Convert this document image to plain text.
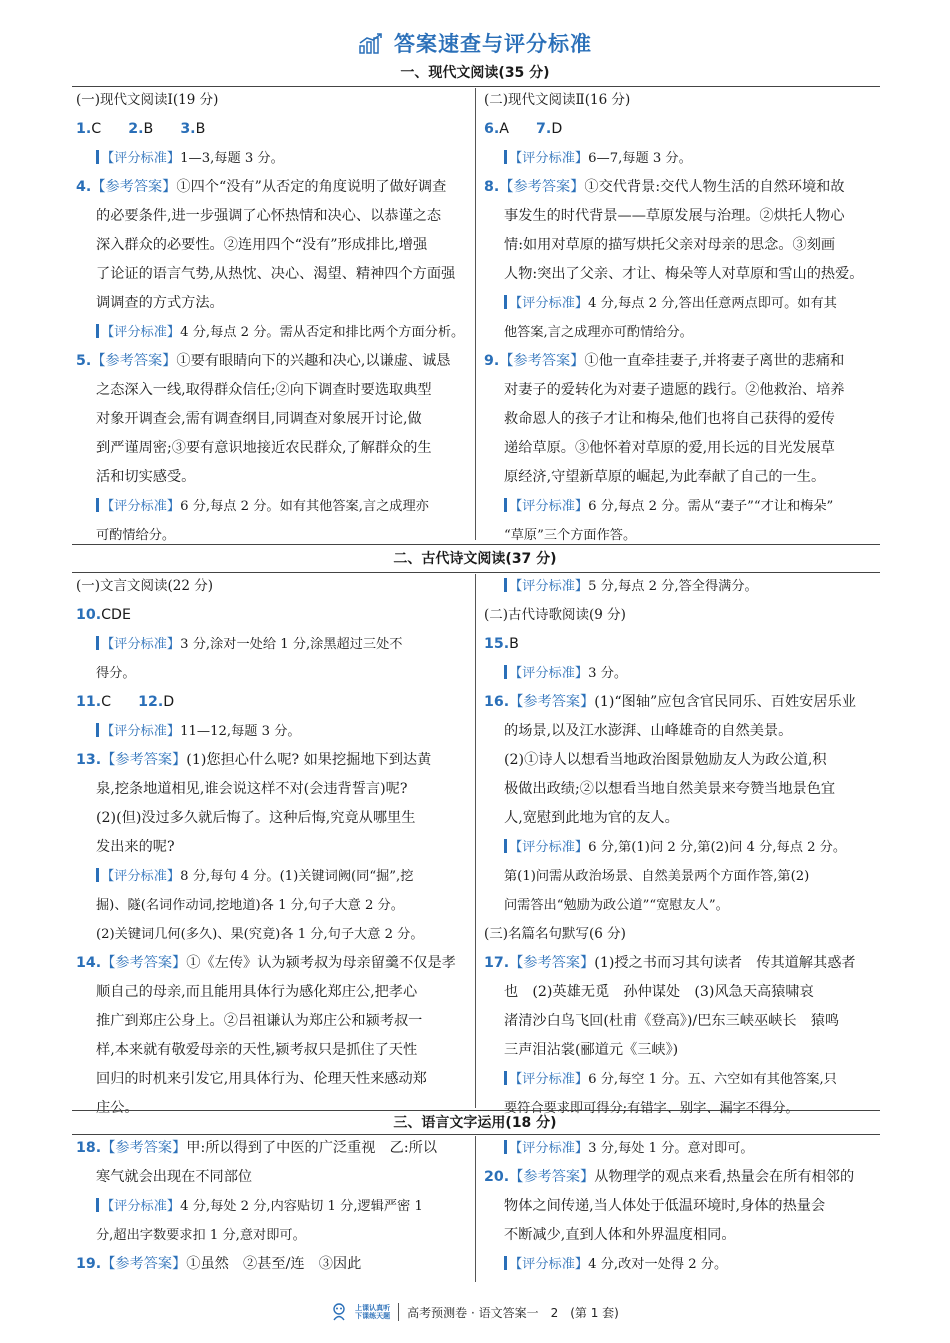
答案速查与评分标准
一、现代文阅读(35 分)

(一)现代文阅读Ⅰ(19 分)

1.C 2.B 3.B

【评分标准】1—3,每题 3 分。

4.【参考答案】①四个“没有”从否定的角度说明了做好调查

的必要条件,进一步强调了心怀热情和决心、以恭谨之态

深入群众的必要性。②连用四个“没有”形成排比,增强

了论证的语言气势,从热忱、决心、渴望、精神四个方面强

调调查的方式方法。

【评分标准】4 分,每点 2 分。需从否定和排比两个方面分析。

5.【参考答案】①要有眼睛向下的兴趣和决心,以谦虚、诚恳

之态深入一线,取得群众信任;②向下调查时要选取典型

对象开调查会,需有调查纲目,同调查对象展开讨论,做

到严谨周密;③要有意识地接近农民群众,了解群众的生

活和切实感受。

【评分标准】6 分,每点 2 分。如有其他答案,言之成理亦

可酌情给分。

(二)现代文阅读Ⅱ(16 分)

6.A 7.D

【评分标准】6—7,每题 3 分。

8.【参考答案】①交代背景:交代人物生活的自然环境和故

事发生的时代背景——草原发展与治理。②烘托人物心

情:如用对草原的描写烘托父亲对母亲的思念。③刻画

人物:突出了父亲、才让、梅朵等人对草原和雪山的热爱。

【评分标准】4 分,每点 2 分,答出任意两点即可。如有其

他答案,言之成理亦可酌情给分。

9.【参考答案】①他一直牵挂妻子,并将妻子离世的悲痛和

对妻子的爱转化为对妻子遗愿的践行。②他救治、培养

救命恩人的孩子才让和梅朵,他们也将自己获得的爱传

递给草原。③他怀着对草原的爱,用长远的目光发展草

原经济,守望新草原的崛起,为此奉献了自己的一生。

【评分标准】6 分,每点 2 分。需从“妻子”“才让和梅朵”

“草原”三个方面作答。

二、古代诗文阅读(37 分)

(一)文言文阅读(22 分)

10.CDE

【评分标准】3 分,涂对一处给 1 分,涂黑超过三处不

得分。

11.C 12.D

【评分标准】11—12,每题 3 分。

13.【参考答案】(1)您担心什么呢? 如果挖掘地下到达黄

泉,挖条地道相见,谁会说这样不对(会违背誓言)呢?

(2)(但)没过多久就后悔了。这种后悔,究竟从哪里生

发出来的呢?

【评分标准】8 分,每句 4 分。(1)关键词阙(同“掘”,挖

掘)、隧(名词作动词,挖地道)各 1 分,句子大意 2 分。

(2)关键词几何(多久)、果(究竟)各 1 分,句子大意 2 分。

14.【参考答案】①《左传》认为颍考叔为母亲留羹不仅是孝

顺自己的母亲,而且能用具体行为感化郑庄公,把孝心

推广到郑庄公身上。②吕祖谦认为郑庄公和颍考叔一

样,本来就有敬爱母亲的天性,颍考叔只是抓住了天性

回归的时机来引发它,用具体行为、伦理天性来感动郑

庄公。

【评分标准】5 分,每点 2 分,答全得满分。

(二)古代诗歌阅读(9 分)

15.B

【评分标准】3 分。

16.【参考答案】(1)“图轴”应包含官民同乐、百姓安居乐业

的场景,以及江水澎湃、山峰雄奇的自然美景。

(2)①诗人以想看当地政治图景勉励友人为政公道,积

极做出政绩;②以想看当地自然美景来夸赞当地景色宜

人,宽慰到此地为官的友人。

【评分标准】6 分,第(1)问 2 分,第(2)问 4 分,每点 2 分。

第(1)问需从政治场景、自然美景两个方面作答,第(2)

问需答出“勉励为政公道”“宽慰友人”。

(三)名篇名句默写(6 分)

17.【参考答案】(1)授之书而习其句读者　传其道解其惑者

也　(2)英雄无觅　孙仲谋处　(3)风急天高猿啸哀

渚清沙白鸟飞回(杜甫《登高》)/巴东三峡巫峡长　猿鸣

三声泪沾裳(郦道元《三峡》)

【评分标准】6 分,每空 1 分。五、六空如有其他答案,只

要符合要求即可得分;有错字、别字、漏字不得分。

三、语言文字运用(18 分)

18.【参考答案】甲:所以得到了中医的广泛重视　乙:所以

寒气就会出现在不同部位

【评分标准】4 分,每处 2 分,内容贴切 1 分,逻辑严密 1

分,超出字数要求扣 1 分,意对即可。

19.【参考答案】①虽然　②甚至/连　③因此

【评分标准】3 分,每处 1 分。意对即可。

20.【参考答案】从物理学的观点来看,热量会在所有相邻的

物体之间传递,当人体处于低温环境时,身体的热量会

不断减少,直到人体和外界温度相同。

【评分标准】4 分,改对一处得 2 分。

上课认真听
下课练天题 高考预测卷 · 语文答案一　2　(第 1 套)
